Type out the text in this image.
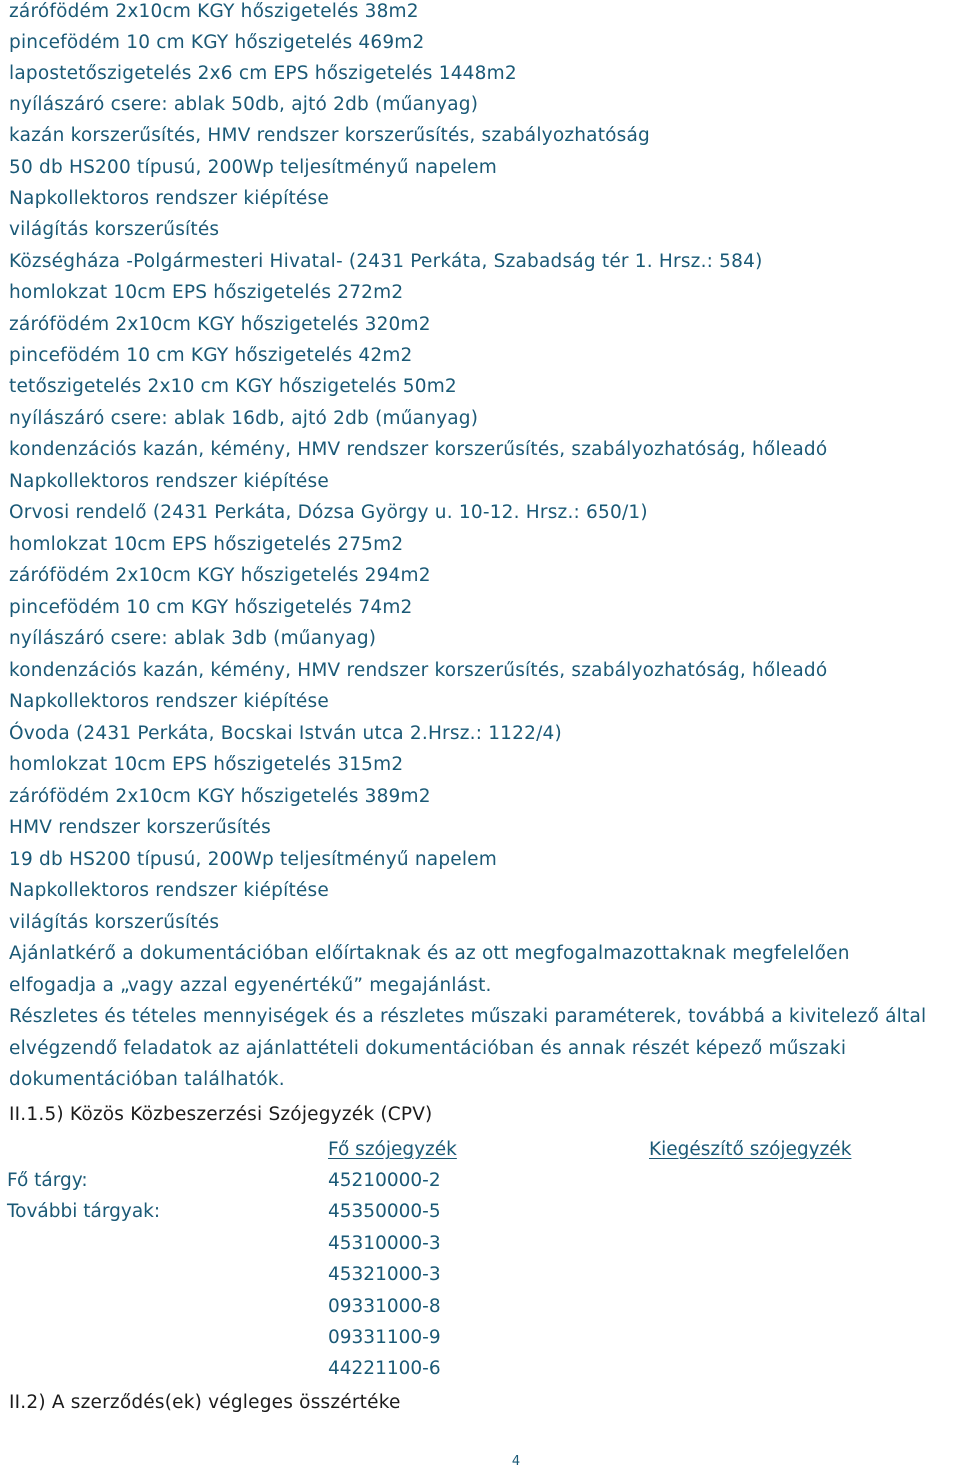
zárófödém 2x10cm KGY hőszigetelés 38m2
pincefödém 10 cm KGY hőszigetelés 469m2
lapostetőszigetelés 2x6 cm EPS hőszigetelés 1448m2
nyílászáró csere: ablak 50db, ajtó 2db (műanyag)
kazán korszerűsítés, HMV rendszer korszerűsítés, szabályozhatóság
50 db HS200 típusú, 200Wp teljesítményű napelem
Napkollektoros rendszer kiépítése
világítás korszerűsítés
Községháza -Polgármesteri Hivatal- (2431 Perkáta, Szabadság tér 1. Hrsz.: 584)
homlokzat 10cm EPS hőszigetelés 272m2
zárófödém 2x10cm KGY hőszigetelés 320m2
pincefödém 10 cm KGY hőszigetelés 42m2
tetőszigetelés 2x10 cm KGY hőszigetelés 50m2
nyílászáró csere: ablak 16db, ajtó 2db (műanyag)
kondenzációs kazán, kémény, HMV rendszer korszerűsítés, szabályozhatóság, hőleadó
Napkollektoros rendszer kiépítése
Orvosi rendelő (2431 Perkáta, Dózsa György u. 10-12. Hrsz.: 650/1)
homlokzat 10cm EPS hőszigetelés 275m2
zárófödém 2x10cm KGY hőszigetelés 294m2
pincefödém 10 cm KGY hőszigetelés 74m2
nyílászáró csere: ablak 3db (műanyag)
kondenzációs kazán, kémény, HMV rendszer korszerűsítés, szabályozhatóság, hőleadó
Napkollektoros rendszer kiépítése
Óvoda (2431 Perkáta, Bocskai István utca 2.Hrsz.: 1122/4)
homlokzat 10cm EPS hőszigetelés 315m2
zárófödém 2x10cm KGY hőszigetelés 389m2
HMV rendszer korszerűsítés
19 db HS200 típusú, 200Wp teljesítményű napelem
Napkollektoros rendszer kiépítése
világítás korszerűsítés
Ajánlatkérő a dokumentációban előírtaknak és az ott megfogalmazottaknak megfelelően
elfogadja a „vagy azzal egyenértékű” megajánlást.
Részletes és tételes mennyiségek és a részletes műszaki paraméterek, továbbá a kivitelező által
elvégzendő feladatok az ajánlattételi dokumentációban és annak részét képező műszaki
dokumentációban találhatók.
II.1.5) Közös Közbeszerzési Szójegyzék (CPV)
Fő szójegyzék	Kiegészítő szójegyzék
Fő tárgy:	45210000-2
További tárgyak:	45350000-5
45310000-3
45321000-3
09331000-8
09331100-9
44221100-6
II.2) A szerződés(ek) végleges összértéke
4
